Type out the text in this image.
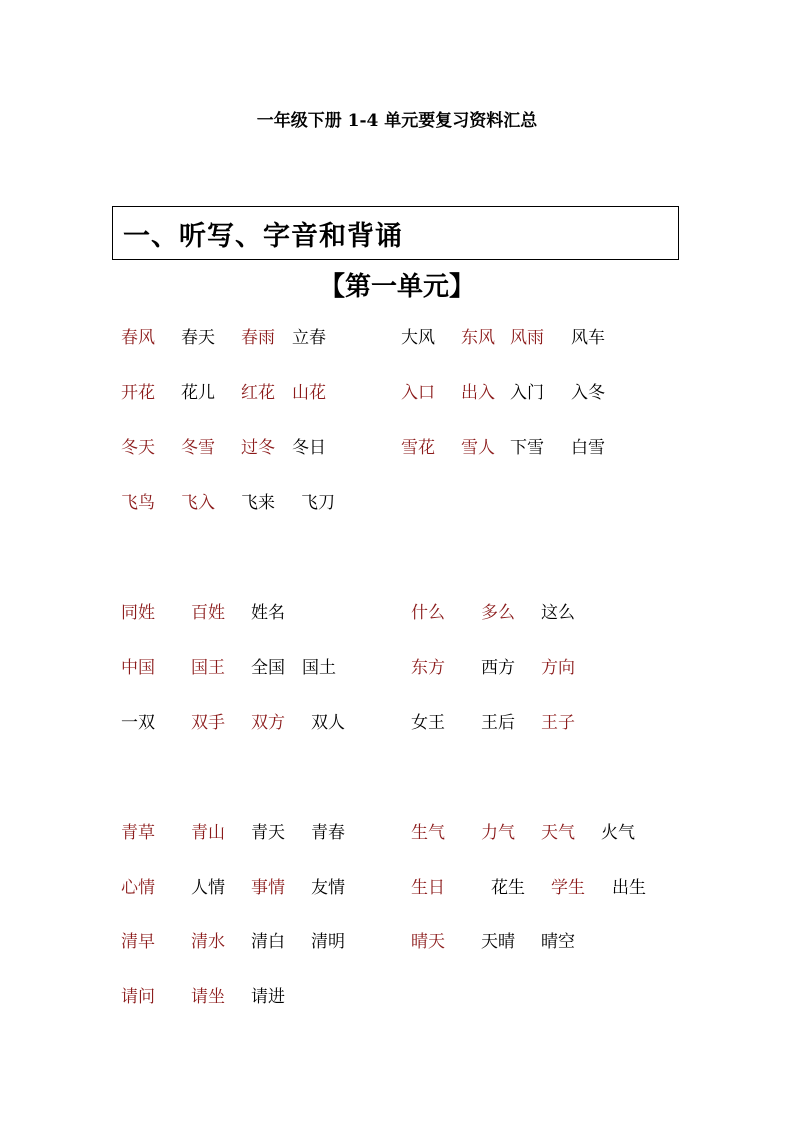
一年级下册 1-4 单元要复习资料汇总
一、听写、字音和背诵
【第一单元】
春风 春天 春雨 立春	大风 东风 风雨 风车
开花 花儿 红花 山花	入口 出入 入门 入冬
冬天 冬雪 过冬 冬日	雪花 雪人 下雪 白雪
飞鸟 飞入 飞来 飞刀
同姓 百姓 姓名	什么 多么 这么
中国 国王 全国 国土	东方 西方 方向
一双 双手 双方 双人	女王 王后 王子
青草 青山 青天 青春	生气 力气 天气 火气
心情 人情 事情 友情	生日	花生 学生 出生
清早 清水 清白 清明	晴天 天晴 晴空
请问 请坐 请进
